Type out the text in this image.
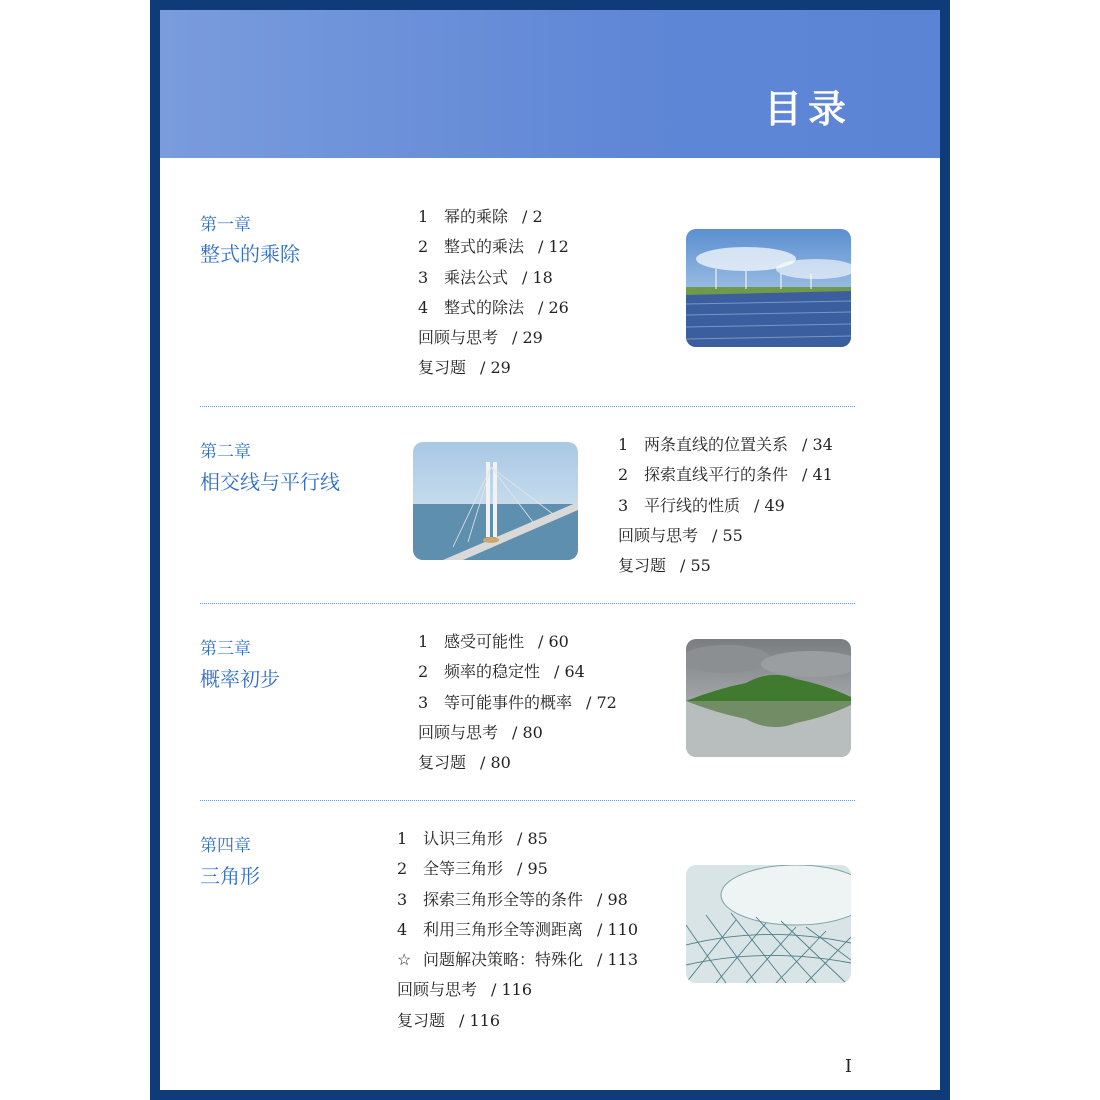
目录
第一章
整式的乘除
1 幂的乘除 / 2
2 整式的乘法 / 12
3 乘法公式 / 18
4 整式的除法 / 26
回顾与思考 / 29
复习题 / 29
第二章
相交线与平行线
1 两条直线的位置关系 / 34
2 探索直线平行的条件 / 41
3 平行线的性质 / 49
回顾与思考 / 55
复习题 / 55
第三章
概率初步
1 感受可能性 / 60
2 频率的稳定性 / 64
3 等可能事件的概率 / 72
回顾与思考 / 80
复习题 / 80
第四章
三角形
1 认识三角形 / 85
2 全等三角形 / 95
3 探索三角形全等的条件 / 98
4 利用三角形全等测距离 / 110
☆ 问题解决策略：特殊化 / 113
回顾与思考 / 116
复习题 / 116
I
